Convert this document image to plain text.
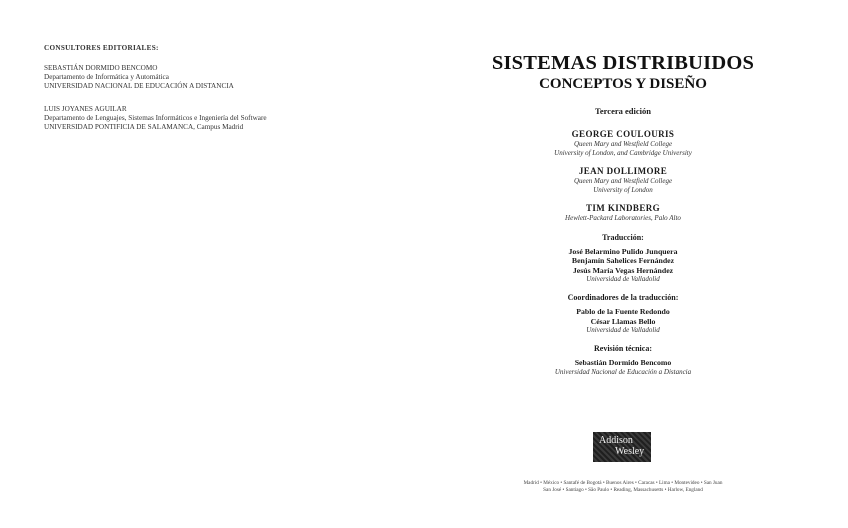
CONSULTORES EDITORIALES:
SEBASTIÁN DORMIDO BENCOMO
Departamento de Informática y Automática
UNIVERSIDAD NACIONAL DE EDUCACIÓN A DISTANCIA
LUIS JOYANES AGUILAR
Departamento de Lenguajes, Sistemas Informáticos e Ingeniería del Software
UNIVERSIDAD PONTIFICIA DE SALAMANCA, Campus Madrid
SISTEMAS DISTRIBUIDOS
CONCEPTOS Y DISEÑO
Tercera edición
GEORGE COULOURIS
Queen Mary and Westfield College
University of London, and Cambridge University
JEAN DOLLIMORE
Queen Mary and Westfield College
University of London
TIM KINDBERG
Hewlett-Packard Laboratories, Palo Alto
Traducción:
José Belarmino Pulido Junquera
Benjamín Sahelices Fernández
Jesús María Vegas Hernández
Universidad de Valladolid
Coordinadores de la traducción:
Pablo de la Fuente Redondo
César Llamas Bello
Universidad de Valladolid
Revisión técnica:
Sebastián Dormido Bencomo
Universidad Nacional de Educación a Distancia
Addison
Wesley
Madrid • México • Santafé de Bogotá • Buenos Aires • Caracas • Lima • Montevideo • San Juan
San José • Santiago • São Paulo • Reading, Massachusetts • Harlow, England
